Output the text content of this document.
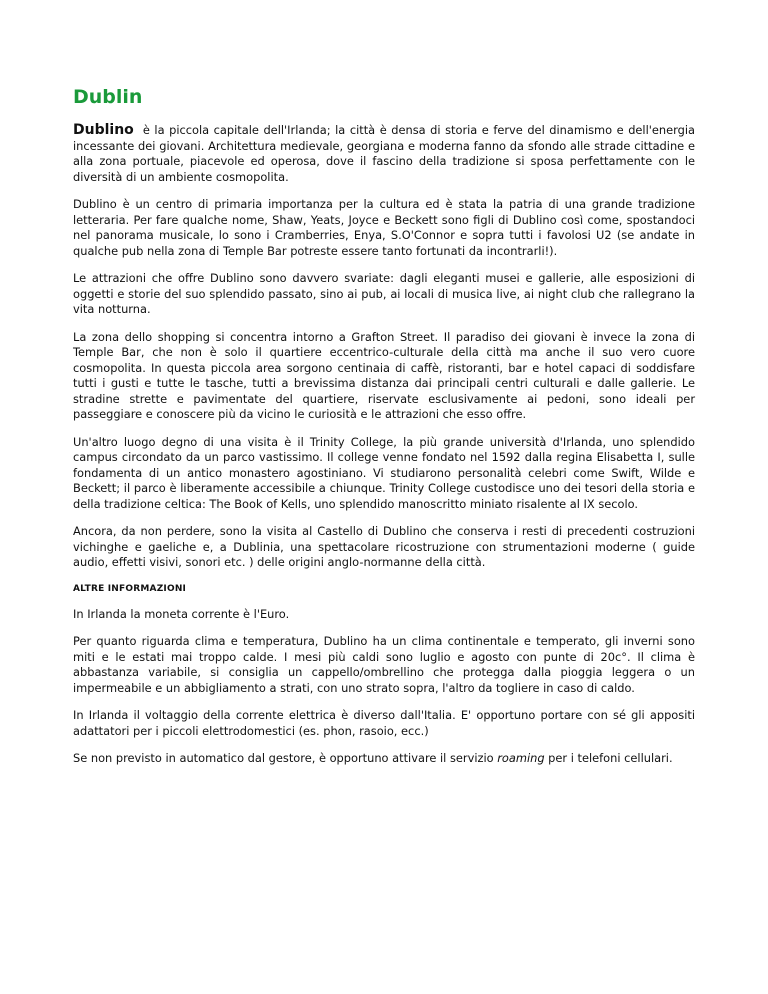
Dublin

Dublino è la piccola capitale dell'Irlanda; la città è densa di storia e ferve del dinamismo e dell'energia incessante dei giovani. Architettura medievale, georgiana e moderna fanno da sfondo alle strade cittadine e alla zona portuale, piacevole ed operosa, dove il fascino della tradizione si sposa perfettamente con le diversità di un ambiente cosmopolita.

Dublino è un centro di primaria importanza per la cultura ed è stata la patria di una grande tradizione letteraria. Per fare qualche nome, Shaw, Yeats, Joyce e Beckett sono figli di Dublino così come, spostandoci nel panorama musicale, lo sono i Cramberries, Enya, S.O'Connor e sopra tutti i favolosi U2 (se andate in qualche pub nella zona di Temple Bar potreste essere tanto fortunati da incontrarli!).

Le attrazioni che offre Dublino sono davvero svariate: dagli eleganti musei e gallerie, alle esposizioni di oggetti e storie del suo splendido passato, sino ai pub, ai locali di musica live, ai night club che rallegrano la vita notturna.

La zona dello shopping si concentra intorno a Grafton Street. Il paradiso dei giovani è invece la zona di Temple Bar, che non è solo il quartiere eccentrico-culturale della città ma anche il suo vero cuore cosmopolita. In questa piccola area sorgono centinaia di caffè, ristoranti, bar e hotel capaci di soddisfare tutti i gusti e tutte le tasche, tutti a brevissima distanza dai principali centri culturali e dalle gallerie. Le stradine strette e pavimentate del quartiere, riservate esclusivamente ai pedoni, sono ideali per passeggiare e conoscere più da vicino le curiosità e le attrazioni che esso offre.

Un'altro luogo degno di una visita è il Trinity College, la più grande università d'Irlanda, uno splendido campus circondato da un parco vastissimo. Il college venne fondato nel 1592 dalla regina Elisabetta I, sulle fondamenta di un antico monastero agostiniano. Vi studiarono personalità celebri come Swift, Wilde e Beckett; il parco è liberamente accessibile a chiunque. Trinity College custodisce uno dei tesori della storia e della tradizione celtica: The Book of Kells, uno splendido manoscritto miniato risalente al IX secolo.

Ancora, da non perdere, sono la visita al Castello di Dublino che conserva i resti di precedenti costruzioni vichinghe e gaeliche e, a Dublinia, una spettacolare ricostruzione con strumentazioni moderne ( guide audio, effetti visivi, sonori etc. ) delle origini anglo-normanne della città.

ALTRE INFORMAZIONI

In Irlanda la moneta corrente è l'Euro.

Per quanto riguarda clima e temperatura, Dublino ha un clima continentale e temperato, gli inverni sono miti e le estati mai troppo calde. I mesi più caldi sono luglio e agosto con punte di 20c°. Il clima è abbastanza variabile, si consiglia un cappello/ombrellino che protegga dalla pioggia leggera o un impermeabile e un abbigliamento a strati, con uno strato sopra, l'altro da togliere in caso di caldo.

In Irlanda il voltaggio della corrente elettrica è diverso dall'Italia. E' opportuno portare con sé gli appositi adattatori per i piccoli elettrodomestici (es. phon, rasoio, ecc.)

Se non previsto in automatico dal gestore, è opportuno attivare il servizio roaming per i telefoni cellulari.
